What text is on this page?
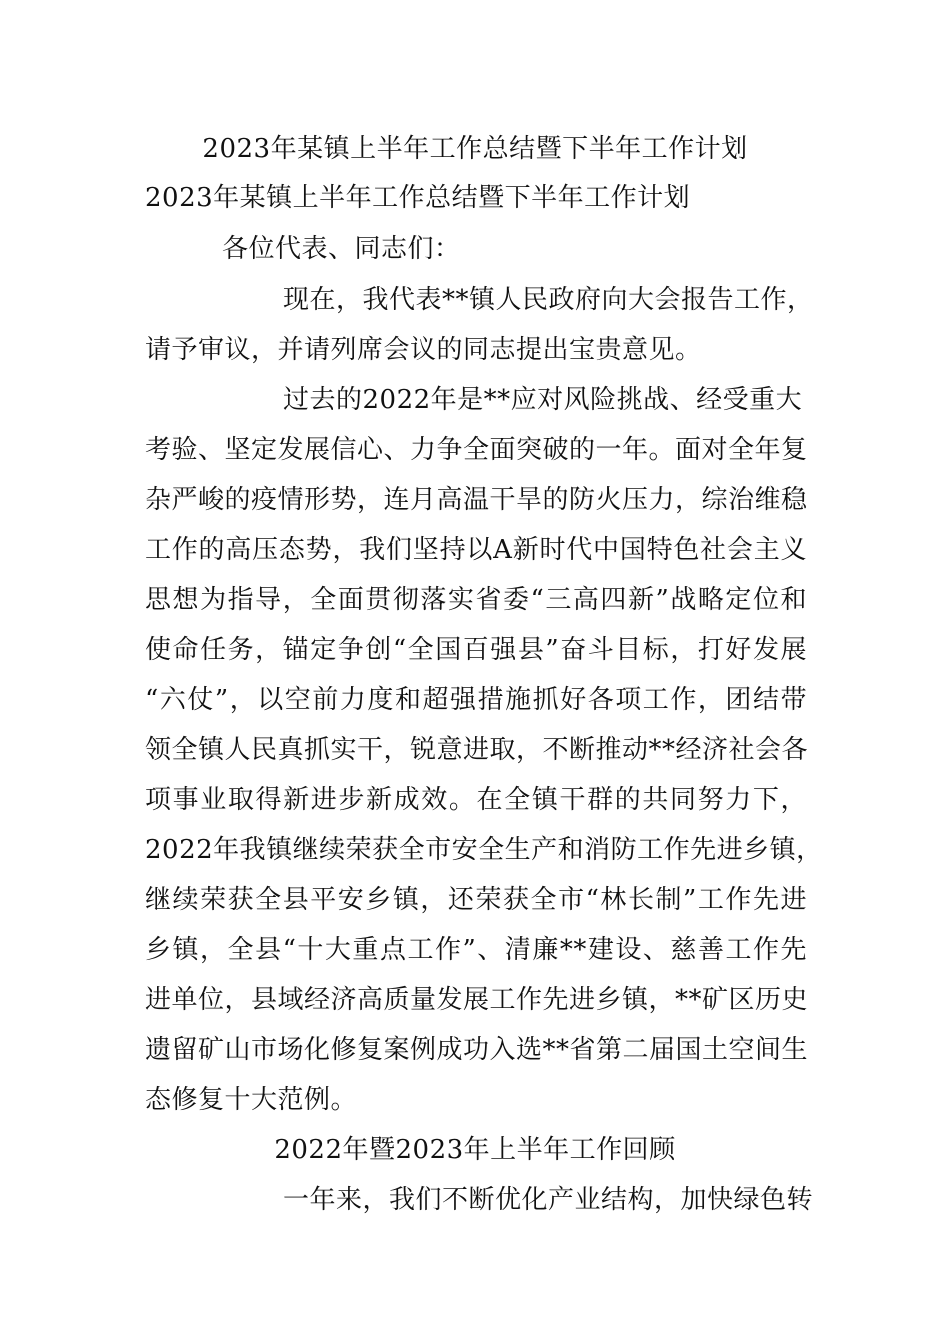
2023年某镇上半年工作总结暨下半年工作计划
2023年某镇上半年工作总结暨下半年工作计划
各位代表、同志们：
现在，我代表**镇人民政府向大会报告工作，
请予审议，并请列席会议的同志提出宝贵意见。
过去的2022年是**应对风险挑战、经受重大
考验、坚定发展信心、力争全面突破的一年。面对全年复
杂严峻的疫情形势，连月高温干旱的防火压力，综治维稳
工作的高压态势，我们坚持以A新时代中国特色社会主义
思想为指导，全面贯彻落实省委“三高四新”战略定位和
使命任务，锚定争创“全国百强县”奋斗目标，打好发展
“六仗”，以空前力度和超强措施抓好各项工作，团结带
领全镇人民真抓实干，锐意进取，不断推动**经济社会各
项事业取得新进步新成效。在全镇干群的共同努力下，
2022年我镇继续荣获全市安全生产和消防工作先进乡镇，
继续荣获全县平安乡镇，还荣获全市“林长制”工作先进
乡镇，全县“十大重点工作”、清廉**建设、慈善工作先
进单位，县域经济高质量发展工作先进乡镇，**矿区历史
遗留矿山市场化修复案例成功入选**省第二届国土空间生
态修复十大范例。
2022年暨2023年上半年工作回顾
一年来，我们不断优化产业结构，加快绿色转
